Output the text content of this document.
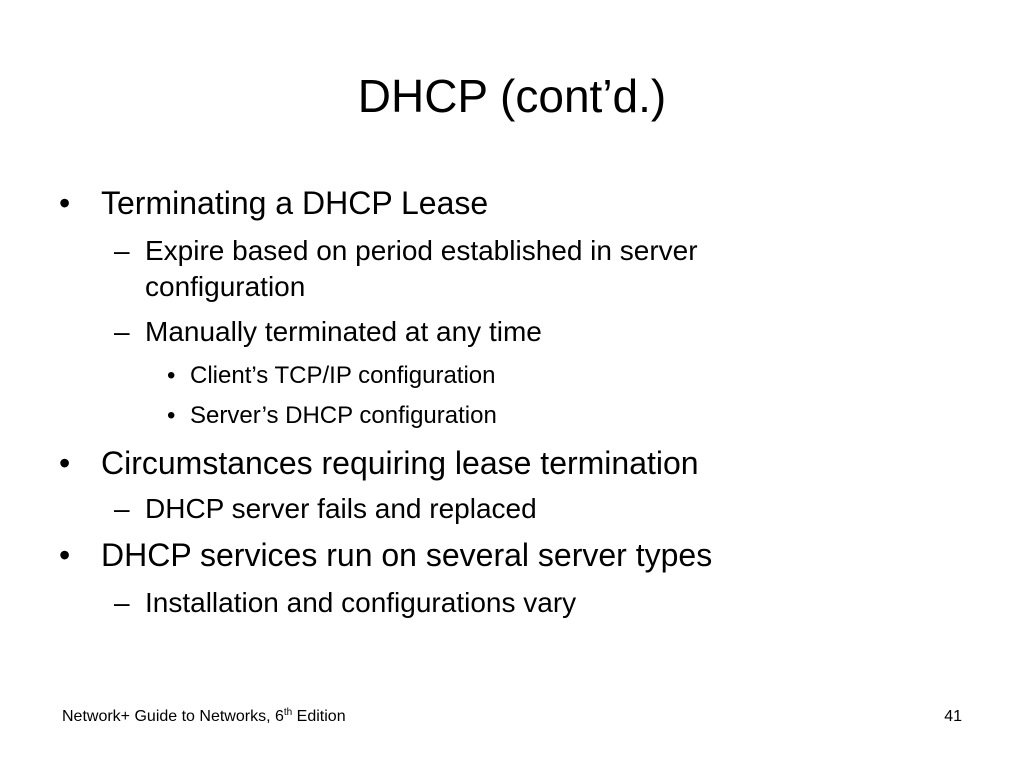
DHCP (cont’d.)
• Terminating a DHCP Lease
– Expire based on period established in server
configuration
– Manually terminated at any time
• Client’s TCP/IP configuration
• Server’s DHCP configuration
• Circumstances requiring lease termination
– DHCP server fails and replaced
• DHCP services run on several server types
– Installation and configurations vary
Network+ Guide to Networks, 6th Edition	41
